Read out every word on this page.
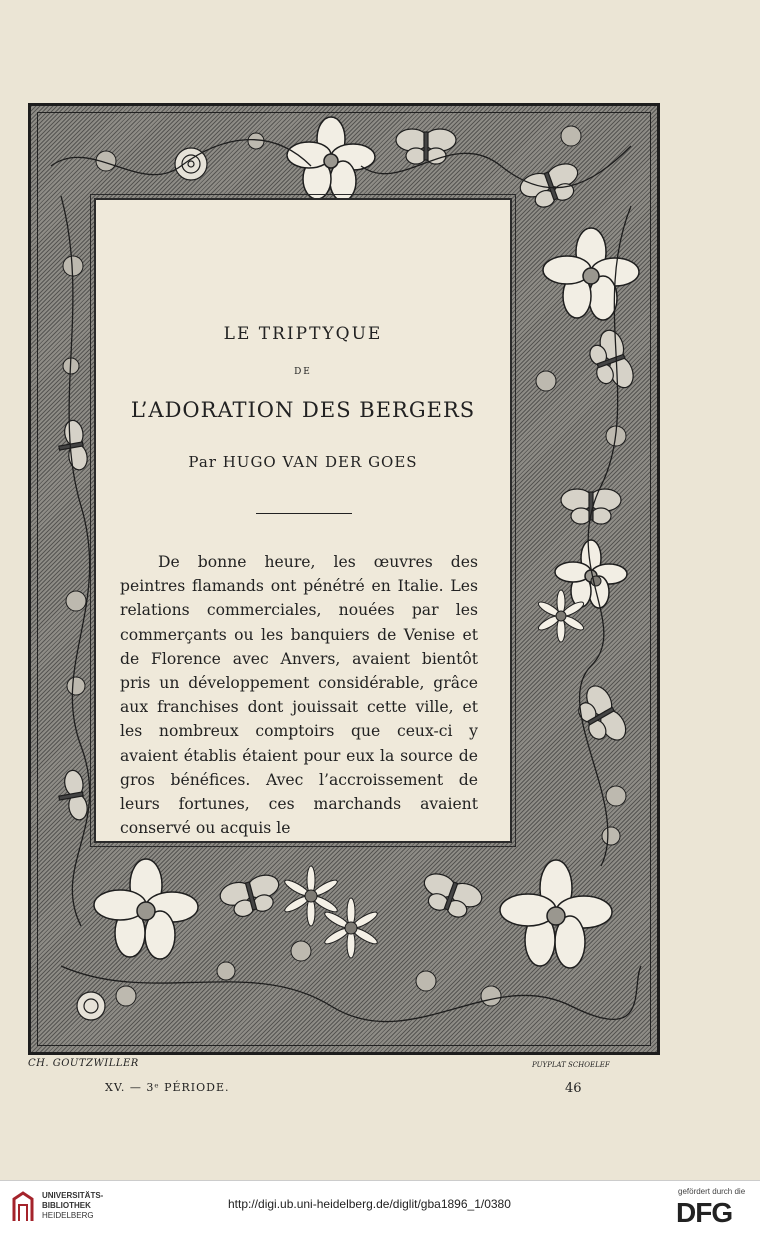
LE TRIPTYQUE
DE
L’ADORATION DES BERGERS
Par HUGO VAN DER GOES

De bonne heure, les œuvres des peintres flamands ont pénétré en Italie. Les relations commerciales, nouées par les commerçants ou les banquiers de Venise et de Florence avec Anvers, avaient bientôt pris un développement considérable, grâce aux franchises dont jouissait cette ville, et les nombreux comptoirs que ceux-ci y avaient établis étaient pour eux la source de gros bénéfices. Avec l’accroissement de leurs fortunes, ces marchands avaient conservé ou acquis le

CH. GOUTZWILLER	PUYPLAT SCHOELEF
XV. — 3ᵉ PÉRIODE.	46
UNIVERSITÄTS-
BIBLIOTHEK
HEIDELBERG
http://digi.ub.uni-heidelberg.de/diglit/gba1896_1/0380
gefördert durch die
DFG
